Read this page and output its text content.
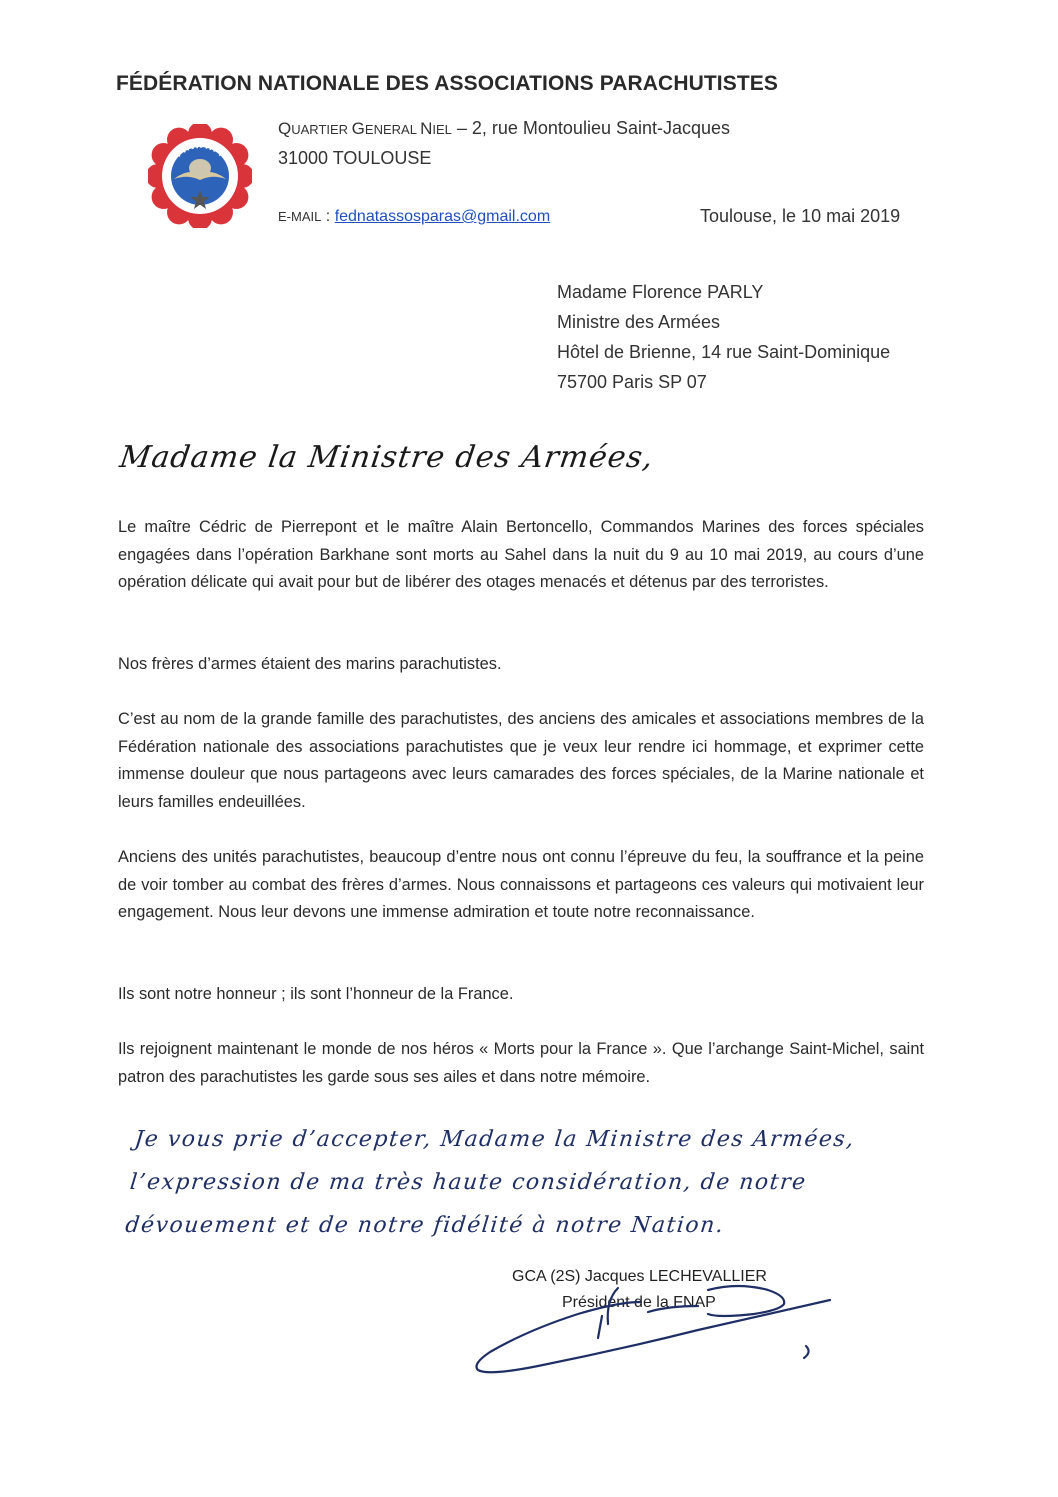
FÉDÉRATION NATIONALE DES ASSOCIATIONS PARACHUTISTES
F.N.A.P.
QUARTIER GENERAL NIEL – 2, rue Montoulieu Saint-Jacques
31000 TOULOUSE
E-MAIL : fednatassosparas@gmail.com	Toulouse, le 10 mai 2019
Madame Florence PARLY
Ministre des Armées
Hôtel de Brienne, 14 rue Saint-Dominique
75700 Paris SP 07
Madame la Ministre des Armées,

Le maître Cédric de Pierrepont et le maître Alain Bertoncello, Commandos Marines des forces spéciales engagées dans l’opération Barkhane sont morts au Sahel dans la nuit du 9 au 10 mai 2019, au cours d’une opération délicate qui avait pour but de libérer des otages menacés et détenus par des terroristes.

Nos frères d’armes étaient des marins parachutistes.

C’est au nom de la grande famille des parachutistes, des anciens des amicales et associations membres de la Fédération nationale des associations parachutistes que je veux leur rendre ici hommage, et exprimer cette immense douleur que nous partageons avec leurs camarades des forces spéciales, de la Marine nationale et leurs familles endeuillées.

Anciens des unités parachutistes, beaucoup d’entre nous ont connu l’épreuve du feu, la souffrance et la peine de voir tomber au combat des frères d’armes. Nous connaissons et partageons ces valeurs qui motivaient leur engagement. Nous leur devons une immense admiration et toute notre reconnaissance.

Ils sont notre honneur ; ils sont l’honneur de la France.

Ils rejoignent maintenant le monde de nos héros « Morts pour la France ». Que l’archange Saint-Michel, saint patron des parachutistes les garde sous ses ailes et dans notre mémoire.

Je vous prie d’accepter, Madame la Ministre des Armées, l’expression de ma très haute considération, de notre dévouement et de notre fidélité à notre Nation.
GCA (2S) Jacques LECHEVALLIER
Président de la FNAP
